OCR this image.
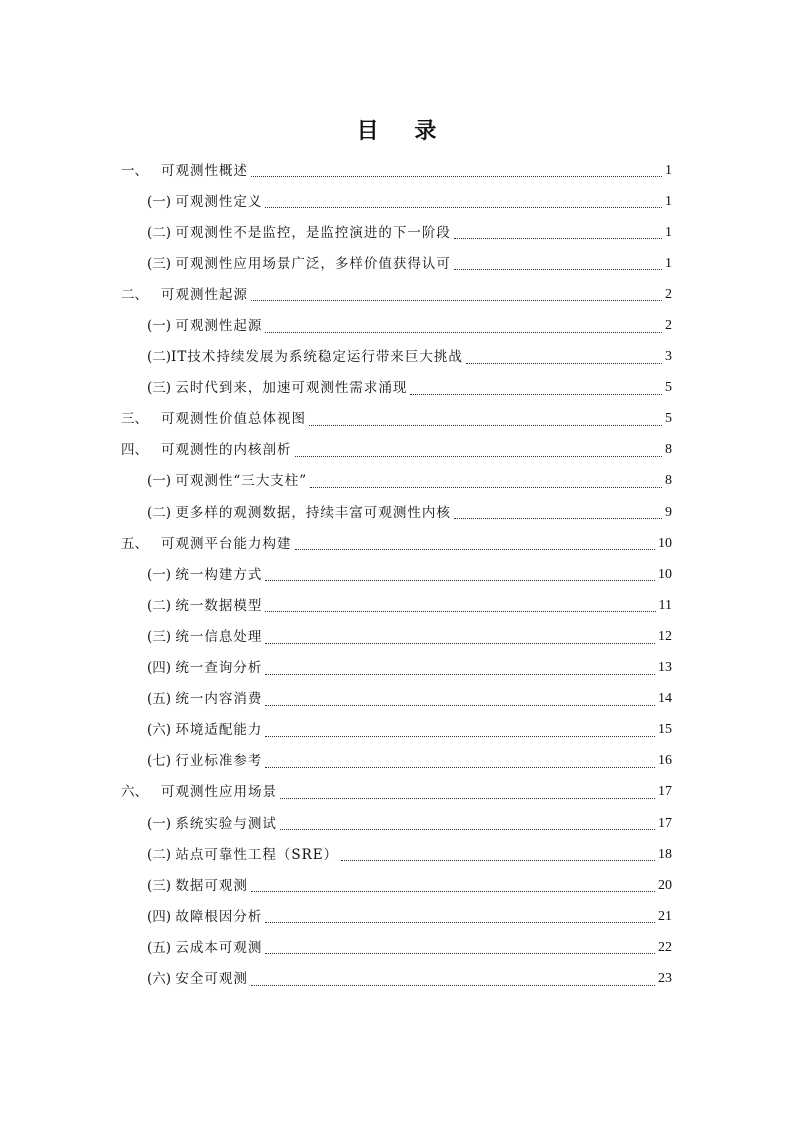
目 录
一、 可观测性概述	1
(一) 可观测性定义	1
(二) 可观测性不是监控，是监控演进的下一阶段	1
(三) 可观测性应用场景广泛，多样价值获得认可	1
二、 可观测性起源	2
(一) 可观测性起源	2
(二) IT技术持续发展为系统稳定运行带来巨大挑战	3
(三) 云时代到来，加速可观测性需求涌现	5
三、 可观测性价值总体视图	5
四、 可观测性的内核剖析	8
(一) 可观测性“三大支柱”	8
(二) 更多样的观测数据，持续丰富可观测性内核	9
五、 可观测平台能力构建	10
(一) 统一构建方式	10
(二) 统一数据模型	11
(三) 统一信息处理	12
(四) 统一查询分析	13
(五) 统一内容消费	14
(六) 环境适配能力	15
(七) 行业标准参考	16
六、 可观测性应用场景	17
(一) 系统实验与测试	17
(二) 站点可靠性工程（SRE）	18
(三) 数据可观测	20
(四) 故障根因分析	21
(五) 云成本可观测	22
(六) 安全可观测	23
